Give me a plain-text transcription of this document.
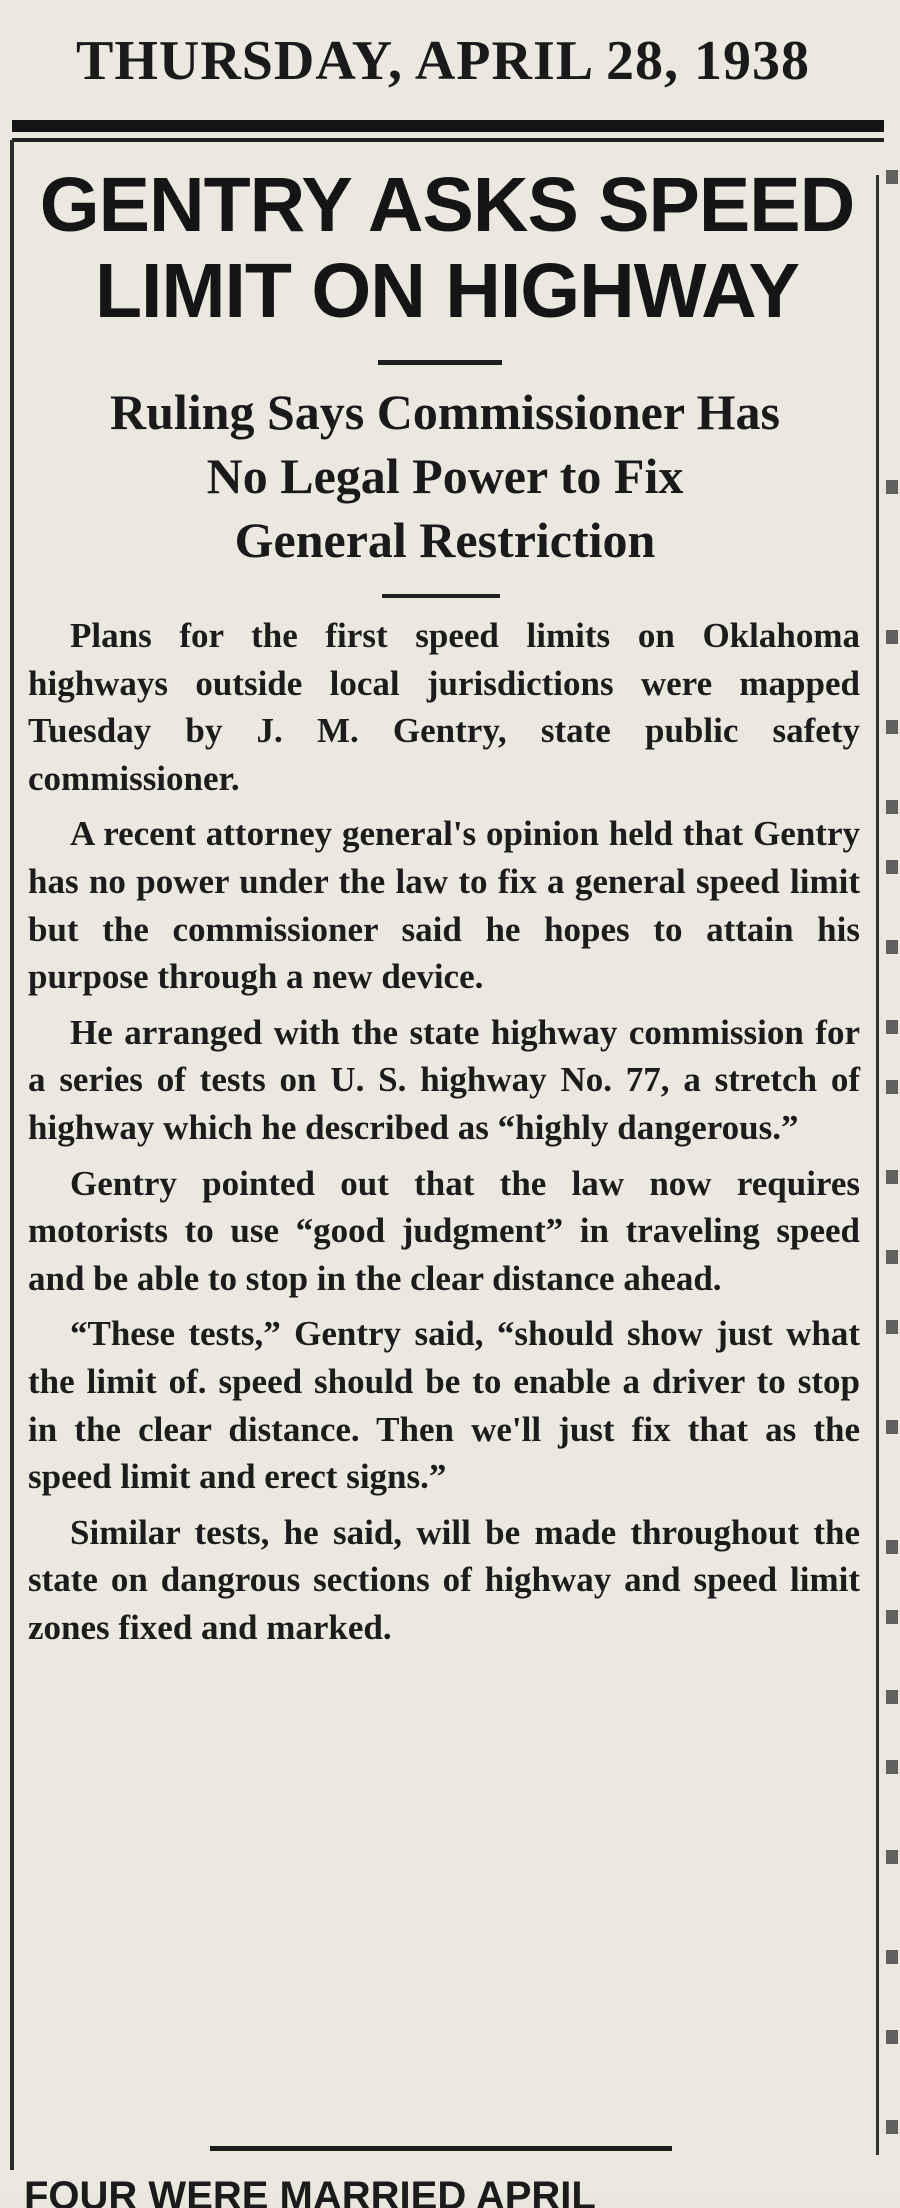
THURSDAY, APRIL 28, 1938
GENTRY ASKS SPEED
LIMIT ON HIGHWAY
Ruling Says Commissioner Has
No Legal Power to Fix
General Restriction

Plans for the first speed limits on Oklahoma highways outside local jurisdictions were mapped Tuesday by J. M. Gentry, state public safety commissioner.

A recent attorney general's opinion held that Gentry has no power under the law to fix a general speed limit but the commissioner said he hopes to attain his purpose through a new device.

He arranged with the state highway commission for a series of tests on U. S. highway No. 77, a stretch of highway which he described as “highly dangerous.”

Gentry pointed out that the law now requires motorists to use “good judgment” in traveling speed and be able to stop in the clear distance ahead.

“These tests,” Gentry said, “should show just what the limit of. speed should be to enable a driver to stop in the clear distance. Then we'll just fix that as the speed limit and erect signs.”

Similar tests, he said, will be made throughout the state on dangrous sections of highway and speed limit zones fixed and marked.

FOUR WERE MARRIED APRIL
